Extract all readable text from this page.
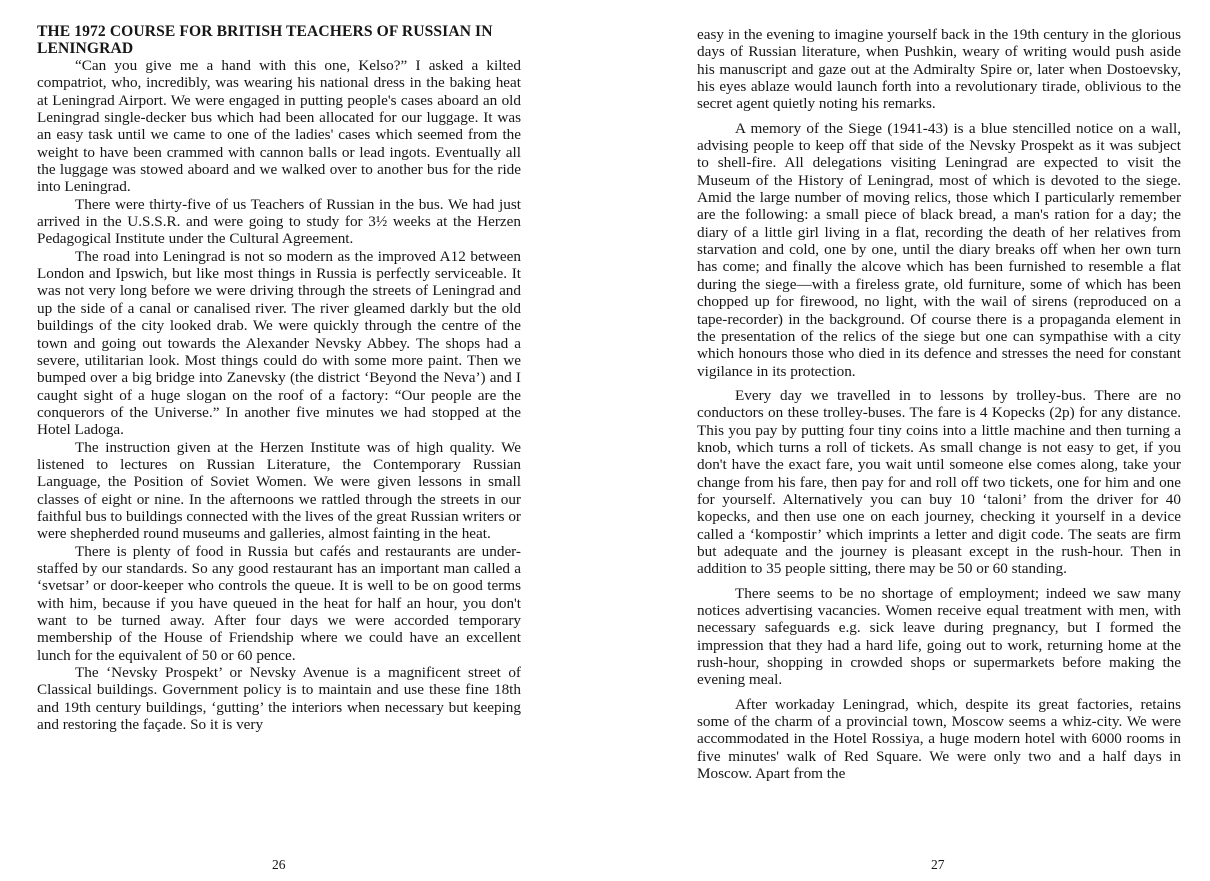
THE 1972 COURSE FOR BRITISH TEACHERS OF RUSSIAN IN LENINGRAD

“Can you give me a hand with this one, Kelso?” I asked a kilted compatriot, who, incredibly, was wearing his national dress in the baking heat at Leningrad Airport. We were engaged in putting people's cases aboard an old Leningrad single-decker bus which had been allocated for our luggage. It was an easy task until we came to one of the ladies' cases which seemed from the weight to have been crammed with cannon balls or lead ingots. Eventually all the luggage was stowed aboard and we walked over to another bus for the ride into Leningrad.

There were thirty-five of us Teachers of Russian in the bus. We had just arrived in the U.S.S.R. and were going to study for 3½ weeks at the Herzen Pedagogical Institute under the Cultural Agreement.

The road into Leningrad is not so modern as the improved A12 between London and Ipswich, but like most things in Russia is perfectly serviceable. It was not very long before we were driving through the streets of Leningrad and up the side of a canal or canalised river. The river gleamed darkly but the old buildings of the city looked drab. We were quickly through the centre of the town and going out towards the Alexander Nevsky Abbey. The shops had a severe, utilitarian look. Most things could do with some more paint. Then we bumped over a big bridge into Zanevsky (the district ‘Beyond the Neva’) and I caught sight of a huge slogan on the roof of a factory: “Our people are the conquerors of the Universe.” In another five minutes we had stopped at the Hotel Ladoga.

The instruction given at the Herzen Institute was of high quality. We listened to lectures on Russian Literature, the Contemporary Russian Language, the Position of Soviet Women. We were given lessons in small classes of eight or nine. In the afternoons we rattled through the streets in our faithful bus to buildings connected with the lives of the great Russian writers or were shepherded round museums and galleries, almost fainting in the heat.

There is plenty of food in Russia but cafés and restaurants are under-staffed by our standards. So any good restaurant has an important man called a ‘svetsar’ or door-keeper who controls the queue. It is well to be on good terms with him, because if you have queued in the heat for half an hour, you don't want to be turned away. After four days we were accorded temporary membership of the House of Friendship where we could have an excellent lunch for the equivalent of 50 or 60 pence.

The ‘Nevsky Prospekt’ or Nevsky Avenue is a magnificent street of Classical buildings. Government policy is to maintain and use these fine 18th and 19th century buildings, ‘gutting’ the interiors when necessary but keeping and restoring the façade. So it is very

26

easy in the evening to imagine yourself back in the 19th century in the glorious days of Russian literature, when Pushkin, weary of writing would push aside his manuscript and gaze out at the Admiralty Spire or, later when Dostoevsky, his eyes ablaze would launch forth into a revolutionary tirade, oblivious to the secret agent quietly noting his remarks.

A memory of the Siege (1941-43) is a blue stencilled notice on a wall, advising people to keep off that side of the Nevsky Prospekt as it was subject to shell-fire. All delegations visiting Leningrad are expected to visit the Museum of the History of Leningrad, most of which is devoted to the siege. Amid the large number of moving relics, those which I particularly remember are the following: a small piece of black bread, a man's ration for a day; the diary of a little girl living in a flat, recording the death of her relatives from starvation and cold, one by one, until the diary breaks off when her own turn has come; and finally the alcove which has been furnished to resemble a flat during the siege—with a fireless grate, old furniture, some of which has been chopped up for firewood, no light, with the wail of sirens (reproduced on a tape-recorder) in the background. Of course there is a propaganda element in the presentation of the relics of the siege but one can sympathise with a city which honours those who died in its defence and stresses the need for constant vigilance in its protection.

Every day we travelled in to lessons by trolley-bus. There are no conductors on these trolley-buses. The fare is 4 Kopecks (2p) for any distance. This you pay by putting four tiny coins into a little machine and then turning a knob, which turns a roll of tickets. As small change is not easy to get, if you don't have the exact fare, you wait until someone else comes along, take your change from his fare, then pay for and roll off two tickets, one for him and one for yourself. Alternatively you can buy 10 ‘taloni’ from the driver for 40 kopecks, and then use one on each journey, checking it yourself in a device called a ‘kompostir’ which imprints a letter and digit code. The seats are firm but adequate and the journey is pleasant except in the rush-hour. Then in addition to 35 people sitting, there may be 50 or 60 standing.

There seems to be no shortage of employment; indeed we saw many notices advertising vacancies. Women receive equal treatment with men, with necessary safeguards e.g. sick leave during pregnancy, but I formed the impression that they had a hard life, going out to work, returning home at the rush-hour, shopping in crowded shops or supermarkets before making the evening meal.

After workaday Leningrad, which, despite its great factories, retains some of the charm of a provincial town, Moscow seems a whiz-city. We were accommodated in the Hotel Rossiya, a huge modern hotel with 6000 rooms in five minutes' walk of Red Square. We were only two and a half days in Moscow. Apart from the

27
